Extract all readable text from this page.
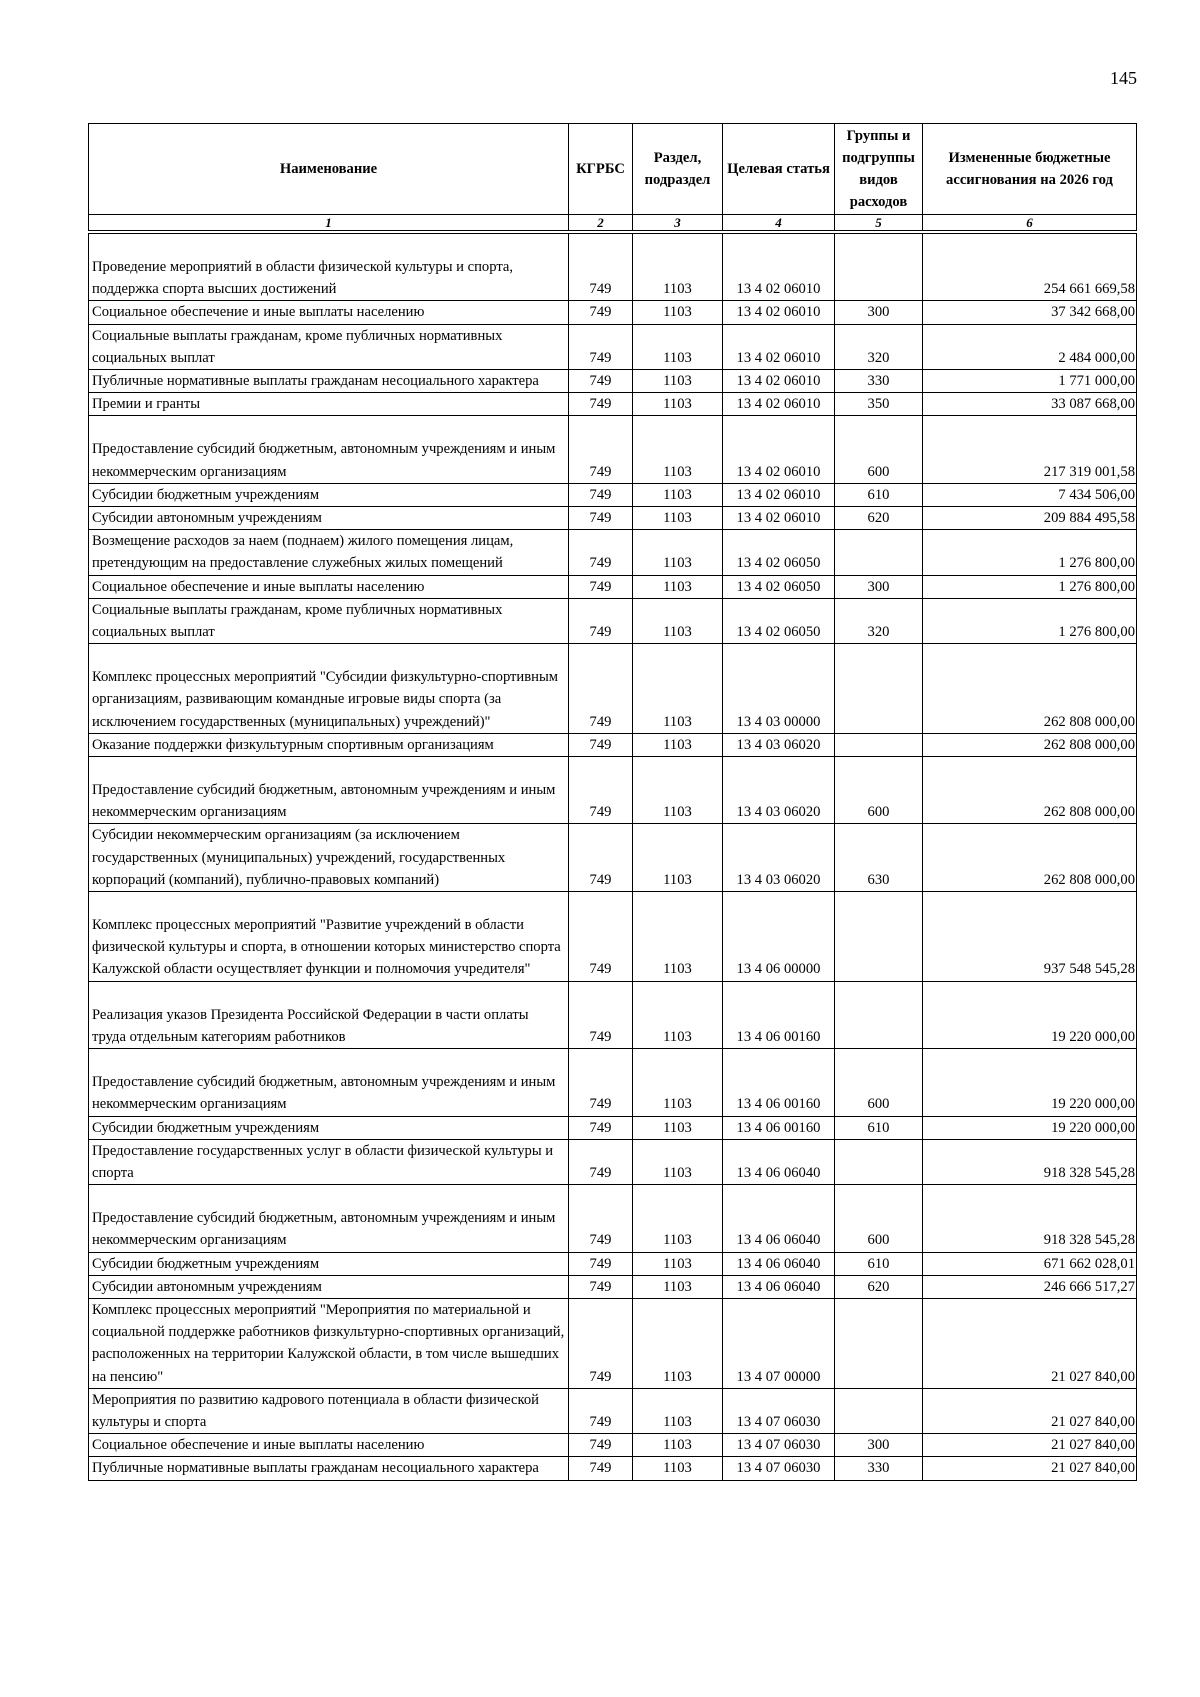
145
Наименование	КГРБС	Раздел, подраздел	Целевая статья	Группы и подгруппы видов расходов	Измененные бюджетные ассигнования на 2026 год
1	2	3	4	5	6

Проведение мероприятий в области физической культуры и спорта, поддержка спорта высших достижений	749	1103	13 4 02 06010		254 661 669,58
Социальное обеспечение и иные выплаты населению	749	1103	13 4 02 06010	300	37 342 668,00
Социальные выплаты гражданам, кроме публичных нормативных социальных выплат	749	1103	13 4 02 06010	320	2 484 000,00
Публичные нормативные выплаты гражданам несоциального характера	749	1103	13 4 02 06010	330	1 771 000,00
Премии и гранты	749	1103	13 4 02 06010	350	33 087 668,00

Предоставление субсидий бюджетным, автономным учреждениям и иным некоммерческим организациям	749	1103	13 4 02 06010	600	217 319 001,58
Субсидии бюджетным учреждениям	749	1103	13 4 02 06010	610	7 434 506,00
Субсидии автономным учреждениям	749	1103	13 4 02 06010	620	209 884 495,58
Возмещение расходов за наем (поднаем) жилого помещения лицам, претендующим на предоставление служебных жилых помещений	749	1103	13 4 02 06050		1 276 800,00
Социальное обеспечение и иные выплаты населению	749	1103	13 4 02 06050	300	1 276 800,00
Социальные выплаты гражданам, кроме публичных нормативных социальных выплат	749	1103	13 4 02 06050	320	1 276 800,00

Комплекс процессных мероприятий "Субсидии физкультурно-спортивным организациям, развивающим командные игровые виды спорта (за исключением государственных (муниципальных) учреждений)"	749	1103	13 4 03 00000		262 808 000,00
Оказание поддержки физкультурным спортивным организациям	749	1103	13 4 03 06020		262 808 000,00

Предоставление субсидий бюджетным, автономным учреждениям и иным некоммерческим организациям	749	1103	13 4 03 06020	600	262 808 000,00
Субсидии некоммерческим организациям (за исключением государственных (муниципальных) учреждений, государственных корпораций (компаний), публично-правовых компаний)	749	1103	13 4 03 06020	630	262 808 000,00

Комплекс процессных мероприятий "Развитие учреждений в области физической культуры и спорта, в отношении которых министерство спорта Калужской области осуществляет функции и полномочия учредителя"	749	1103	13 4 06 00000		937 548 545,28

Реализация указов Президента Российской Федерации в части оплаты труда отдельным категориям работников	749	1103	13 4 06 00160		19 220 000,00

Предоставление субсидий бюджетным, автономным учреждениям и иным некоммерческим организациям	749	1103	13 4 06 00160	600	19 220 000,00
Субсидии бюджетным учреждениям	749	1103	13 4 06 00160	610	19 220 000,00
Предоставление государственных услуг в области физической культуры и спорта	749	1103	13 4 06 06040		918 328 545,28

Предоставление субсидий бюджетным, автономным учреждениям и иным некоммерческим организациям	749	1103	13 4 06 06040	600	918 328 545,28
Субсидии бюджетным учреждениям	749	1103	13 4 06 06040	610	671 662 028,01
Субсидии автономным учреждениям	749	1103	13 4 06 06040	620	246 666 517,27
Комплекс процессных мероприятий "Мероприятия по материальной и социальной поддержке работников физкультурно-спортивных организаций, расположенных на территории Калужской области, в том числе вышедших на пенсию"	749	1103	13 4 07 00000		21 027 840,00
Мероприятия по развитию кадрового потенциала в области физической культуры и спорта	749	1103	13 4 07 06030		21 027 840,00
Социальное обеспечение и иные выплаты населению	749	1103	13 4 07 06030	300	21 027 840,00
Публичные нормативные выплаты гражданам несоциального характера	749	1103	13 4 07 06030	330	21 027 840,00
